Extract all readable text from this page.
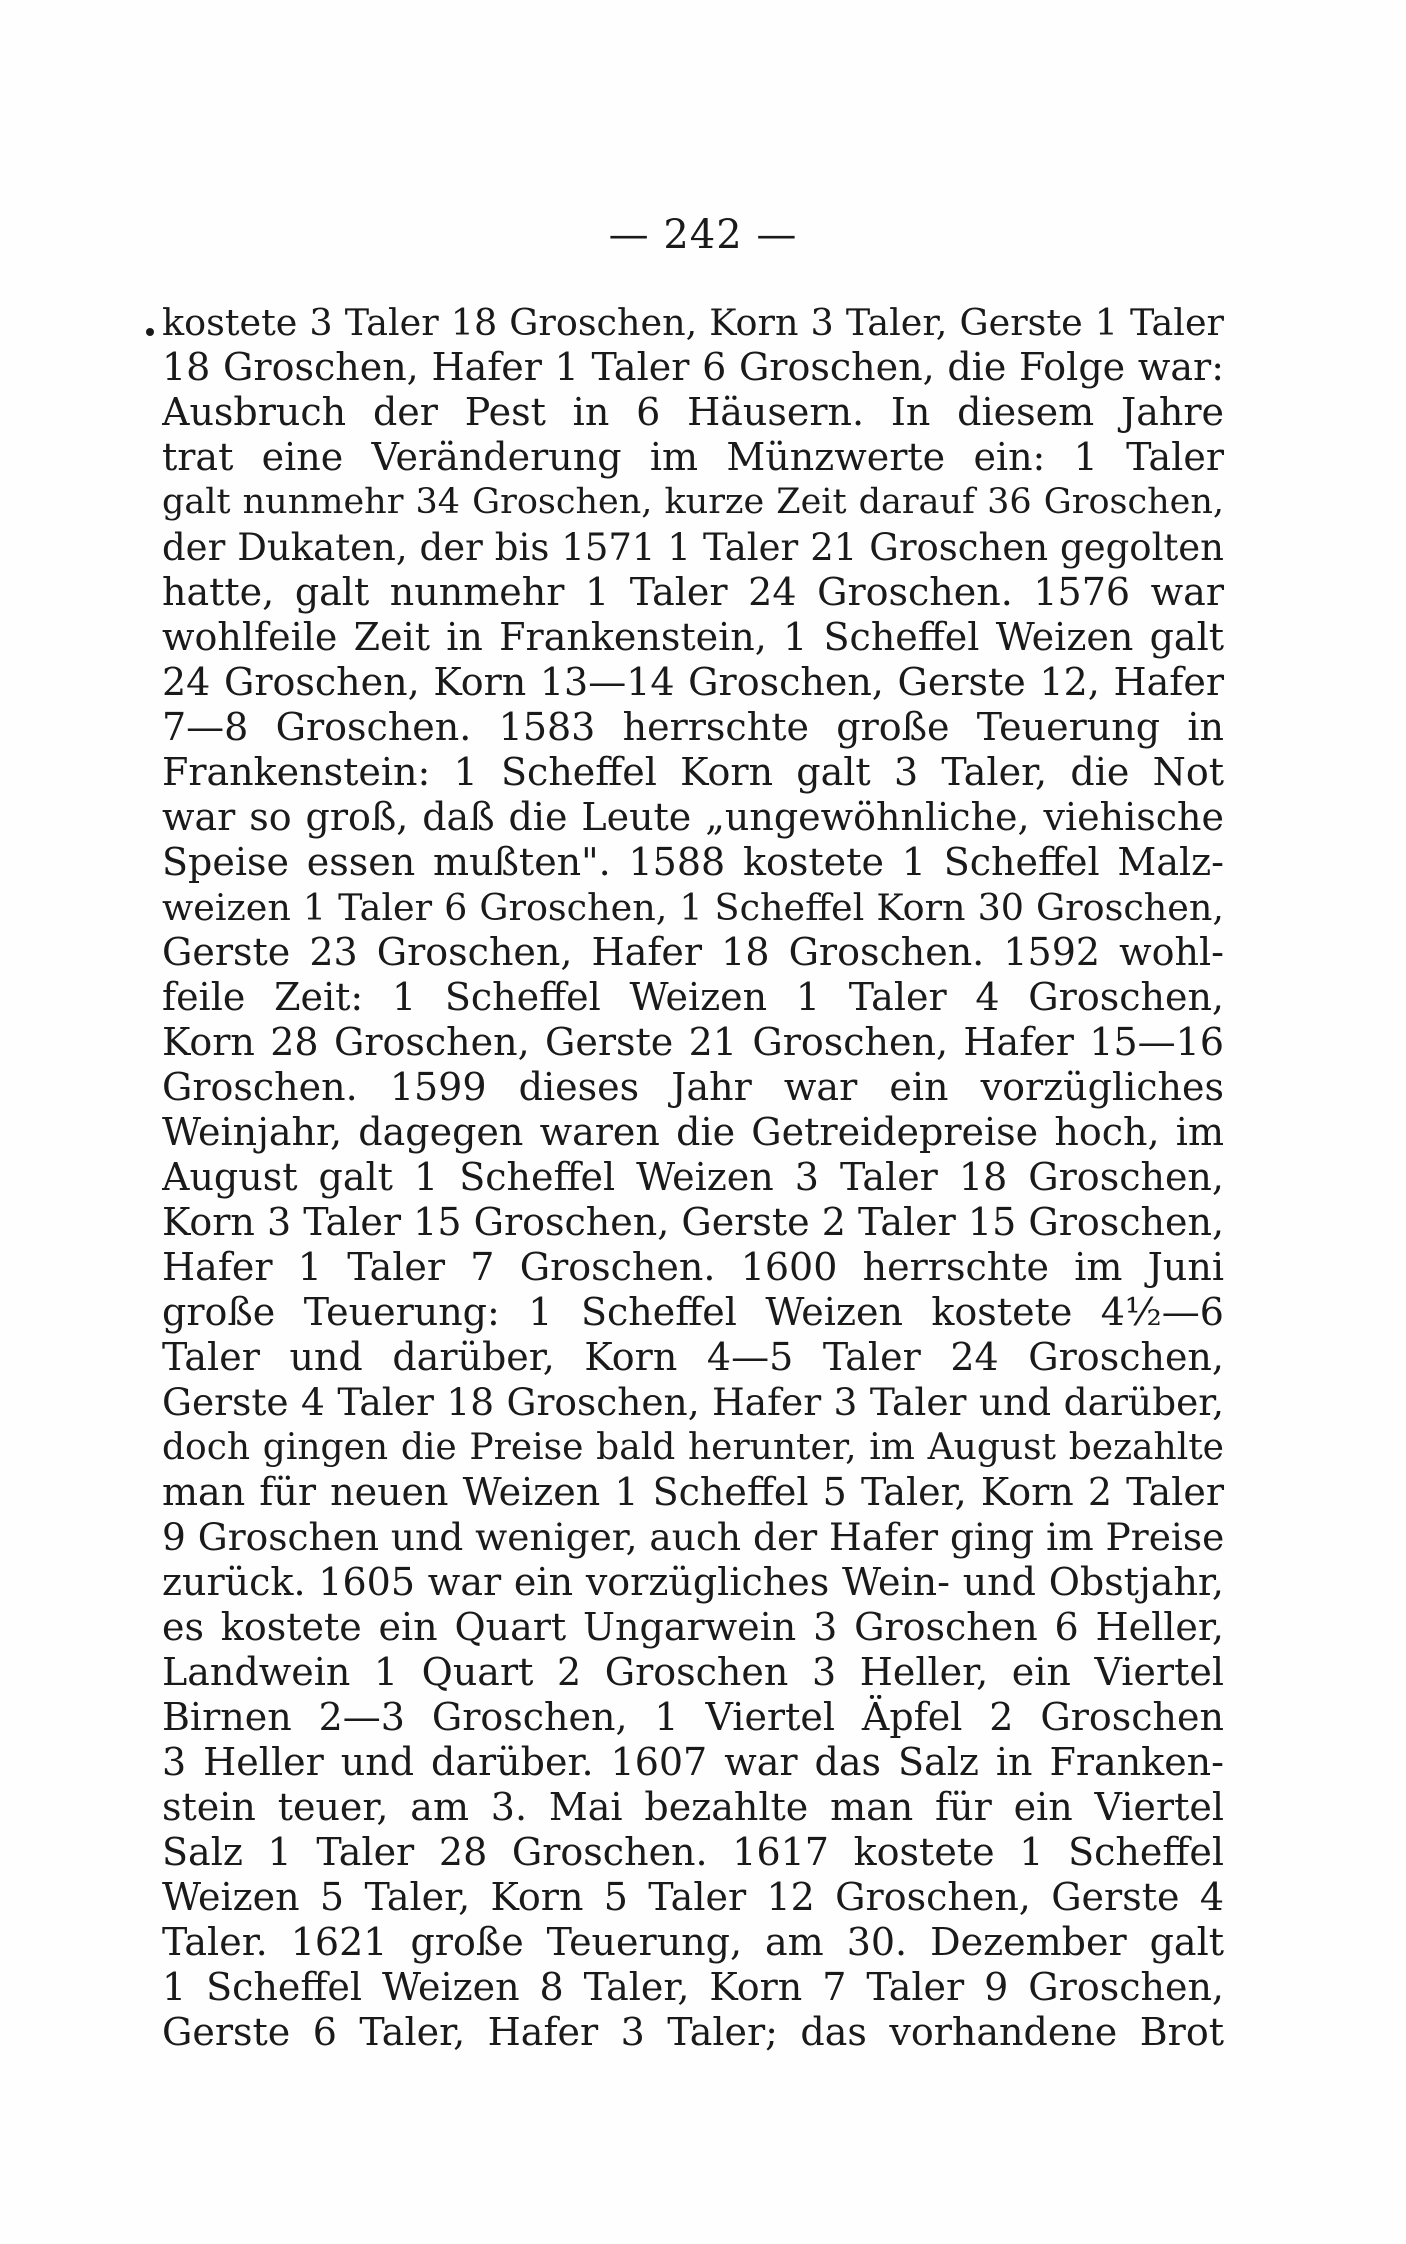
— 242 —
kostete 3 Taler 18 Groschen, Korn 3 Taler, Gerste 1 Taler
18 Groschen, Hafer 1 Taler 6 Groschen, die Folge war:
Ausbruch der Pest in 6 Häusern. In diesem Jahre
trat eine Veränderung im Münzwerte ein: 1 Taler
galt nunmehr 34 Groschen, kurze Zeit darauf 36 Groschen,
der Dukaten, der bis 1571 1 Taler 21 Groschen gegolten
hatte, galt nunmehr 1 Taler 24 Groschen. 1576 war
wohlfeile Zeit in Frankenstein, 1 Scheffel Weizen galt
24 Groschen, Korn 13—14 Groschen, Gerste 12, Hafer
7—8 Groschen. 1583 herrschte große Teuerung in
Frankenstein: 1 Scheffel Korn galt 3 Taler, die Not
war so groß, daß die Leute „ungewöhnliche, viehische
Speise essen mußten". 1588 kostete 1 Scheffel Malz-
weizen 1 Taler 6 Groschen, 1 Scheffel Korn 30 Groschen,
Gerste 23 Groschen, Hafer 18 Groschen. 1592 wohl-
feile Zeit: 1 Scheffel Weizen 1 Taler 4 Groschen,
Korn 28 Groschen, Gerste 21 Groschen, Hafer 15—16
Groschen. 1599 dieses Jahr war ein vorzügliches
Weinjahr, dagegen waren die Getreidepreise hoch, im
August galt 1 Scheffel Weizen 3 Taler 18 Groschen,
Korn 3 Taler 15 Groschen, Gerste 2 Taler 15 Groschen,
Hafer 1 Taler 7 Groschen. 1600 herrschte im Juni
große Teuerung: 1 Scheffel Weizen kostete 4½—6
Taler und darüber, Korn 4—5 Taler 24 Groschen,
Gerste 4 Taler 18 Groschen, Hafer 3 Taler und darüber,
doch gingen die Preise bald herunter, im August bezahlte
man für neuen Weizen 1 Scheffel 5 Taler, Korn 2 Taler
9 Groschen und weniger, auch der Hafer ging im Preise
zurück. 1605 war ein vorzügliches Wein- und Obstjahr,
es kostete ein Quart Ungarwein 3 Groschen 6 Heller,
Landwein 1 Quart 2 Groschen 3 Heller, ein Viertel
Birnen 2—3 Groschen, 1 Viertel Äpfel 2 Groschen
3 Heller und darüber. 1607 war das Salz in Franken-
stein teuer, am 3. Mai bezahlte man für ein Viertel
Salz 1 Taler 28 Groschen. 1617 kostete 1 Scheffel
Weizen 5 Taler, Korn 5 Taler 12 Groschen, Gerste 4
Taler. 1621 große Teuerung, am 30. Dezember galt
1 Scheffel Weizen 8 Taler, Korn 7 Taler 9 Groschen,
Gerste 6 Taler, Hafer 3 Taler; das vorhandene Brot
